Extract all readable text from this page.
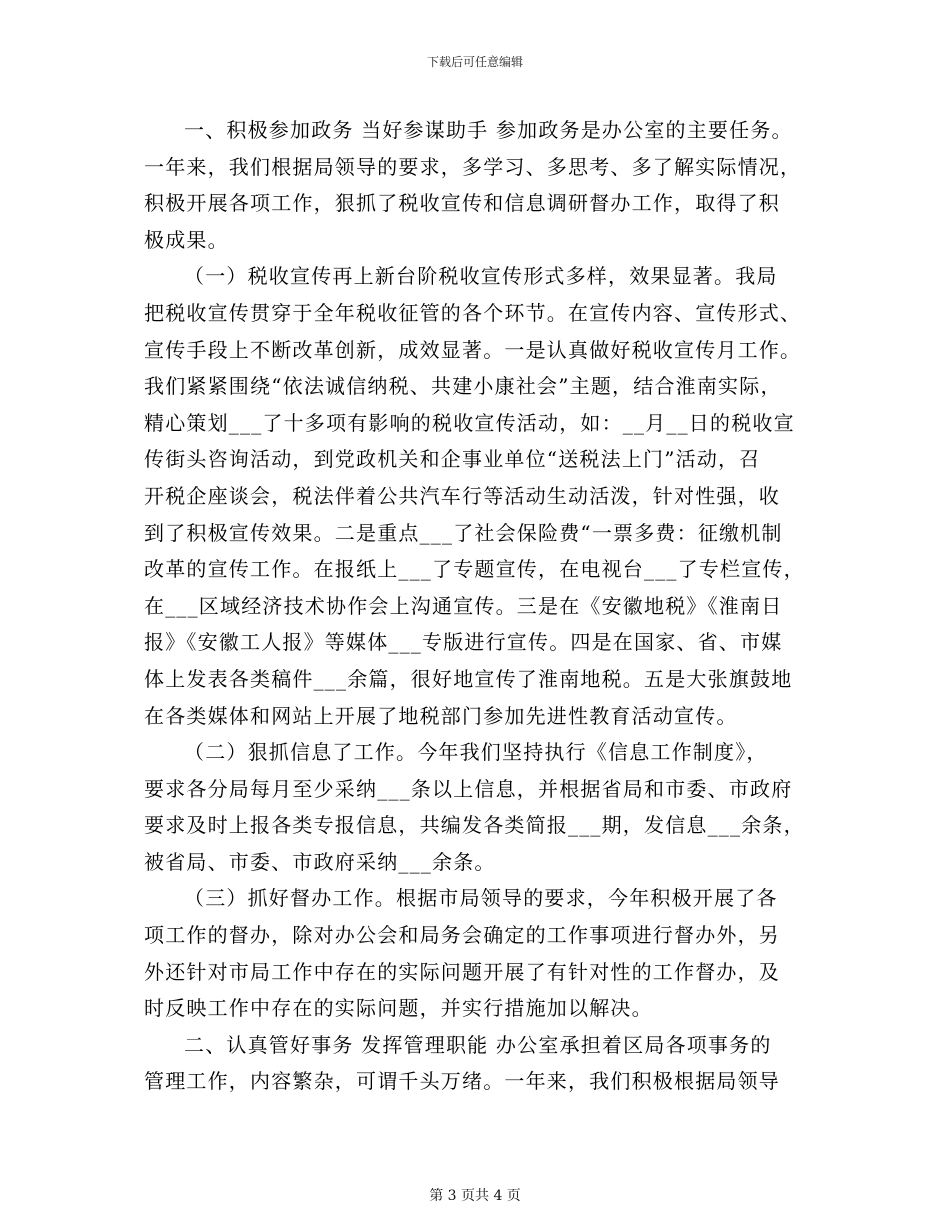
下载后可任意编辑
一、积极参加政务 当好参谋助手 参加政务是办公室的主要任务。
一年来，我们根据局领导的要求，多学习、多思考、多了解实际情况，
积极开展各项工作，狠抓了税收宣传和信息调研督办工作，取得了积
极成果。
（一）税收宣传再上新台阶税收宣传形式多样，效果显著。我局
把税收宣传贯穿于全年税收征管的各个环节。在宣传内容、宣传形式、
宣传手段上不断改革创新，成效显著。一是认真做好税收宣传月工作。
我们紧紧围绕“依法诚信纳税、共建小康社会”主题，结合淮南实际，
精心策划___了十多项有影响的税收宣传活动，如：__月__日的税收宣
传街头咨询活动，到党政机关和企事业单位“送税法上门”活动，召
开税企座谈会，税法伴着公共汽车行等活动生动活泼，针对性强，收
到了积极宣传效果。二是重点___了社会保险费“一票多费：征缴机制
改革的宣传工作。在报纸上___了专题宣传，在电视台___了专栏宣传，
在___区域经济技术协作会上沟通宣传。三是在《安徽地税》《淮南日
报》《安徽工人报》等媒体___专版进行宣传。四是在国家、省、市媒
体上发表各类稿件___余篇，很好地宣传了淮南地税。五是大张旗鼓地
在各类媒体和网站上开展了地税部门参加先进性教育活动宣传。
（二）狠抓信息了工作。今年我们坚持执行《信息工作制度》，
要求各分局每月至少采纳___条以上信息，并根据省局和市委、市政府
要求及时上报各类专报信息，共编发各类简报___期，发信息___余条，
被省局、市委、市政府采纳___余条。
（三）抓好督办工作。根据市局领导的要求，今年积极开展了各
项工作的督办，除对办公会和局务会确定的工作事项进行督办外，另
外还针对市局工作中存在的实际问题开展了有针对性的工作督办，及
时反映工作中存在的实际问题，并实行措施加以解决。
二、认真管好事务 发挥管理职能 办公室承担着区局各项事务的
管理工作，内容繁杂，可谓千头万绪。一年来，我们积极根据局领导
第 3 页共 4 页
